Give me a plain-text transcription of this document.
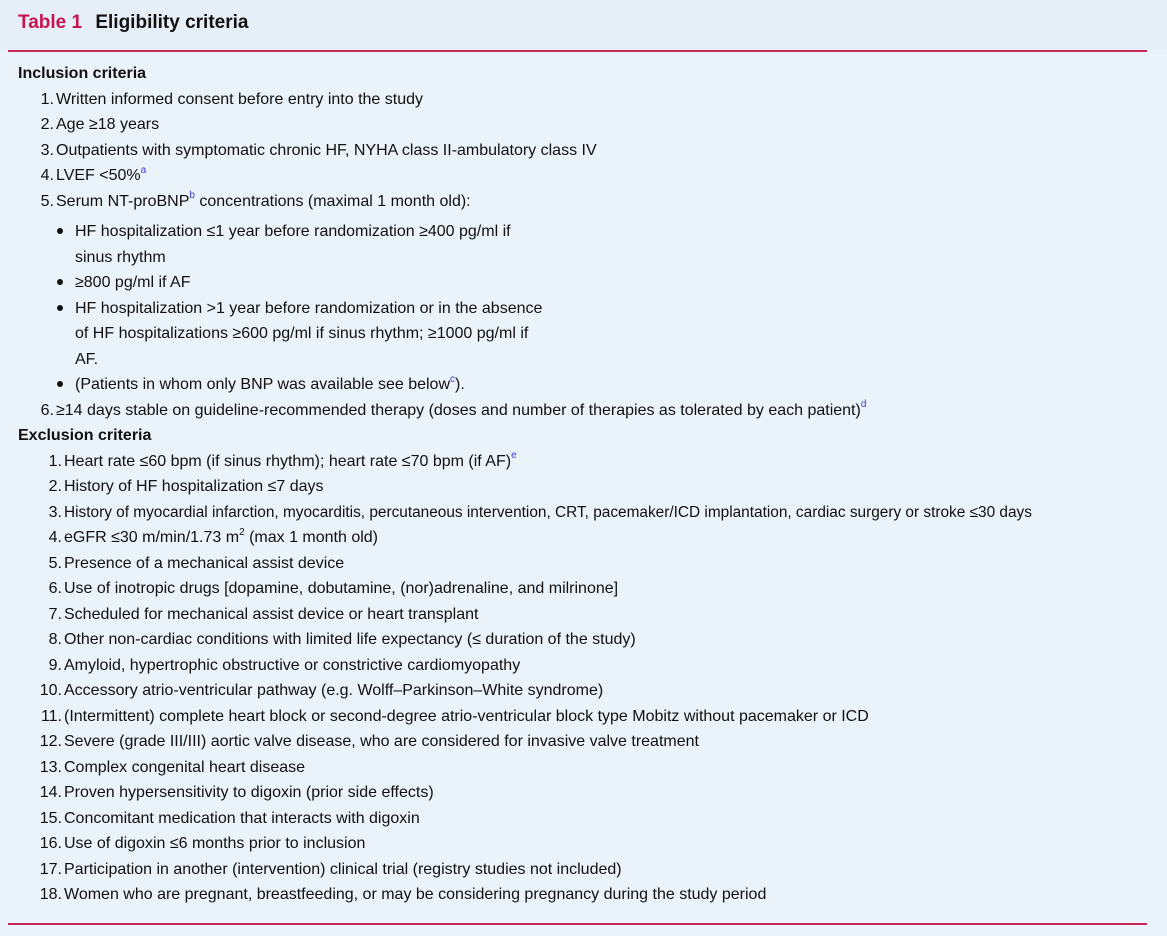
Table 1 Eligibility criteria
Inclusion criteria
1. Written informed consent before entry into the study
2. Age ≥18 years
3. Outpatients with symptomatic chronic HF, NYHA class II-ambulatory class IV
4. LVEF <50%$^a$
5. Serum NT-proBNP$^b$ concentrations (maximal 1 month old):
HF hospitalization ≤1 year before randomization ≥400 pg/ml if
sinus rhythm
≥800 pg/ml if AF
HF hospitalization >1 year before randomization or in the absence
of HF hospitalizations ≥600 pg/ml if sinus rhythm; ≥1000 pg/ml if
AF.
(Patients in whom only BNP was available see below$^c$).
6. ≥14 days stable on guideline-recommended therapy (doses and number of therapies as tolerated by each patient)$^d$
Exclusion criteria
1. Heart rate ≤60 bpm (if sinus rhythm); heart rate ≤70 bpm (if AF)$^e$
2. History of HF hospitalization ≤7 days
3. History of myocardial infarction, myocarditis, percutaneous intervention, CRT, pacemaker/ICD implantation, cardiac surgery or stroke ≤30 days
4. eGFR ≤30 m/min/1.73 $m^2$ (max 1 month old)
5. Presence of a mechanical assist device
6. Use of inotropic drugs [dopamine, dobutamine, (nor)adrenaline, and milrinone]
7. Scheduled for mechanical assist device or heart transplant
8. Other non-cardiac conditions with limited life expectancy (≤ duration of the study)
9. Amyloid, hypertrophic obstructive or constrictive cardiomyopathy
10. Accessory atrio-ventricular pathway (e.g. Wolff–Parkinson–White syndrome)
11. (Intermittent) complete heart block or second-degree atrio-ventricular block type Mobitz without pacemaker or ICD
12. Severe (grade III/III) aortic valve disease, who are considered for invasive valve treatment
13. Complex congenital heart disease
14. Proven hypersensitivity to digoxin (prior side effects)
15. Concomitant medication that interacts with digoxin
16. Use of digoxin ≤6 months prior to inclusion
17. Participation in another (intervention) clinical trial (registry studies not included)
18. Women who are pregnant, breastfeeding, or may be considering pregnancy during the study period
